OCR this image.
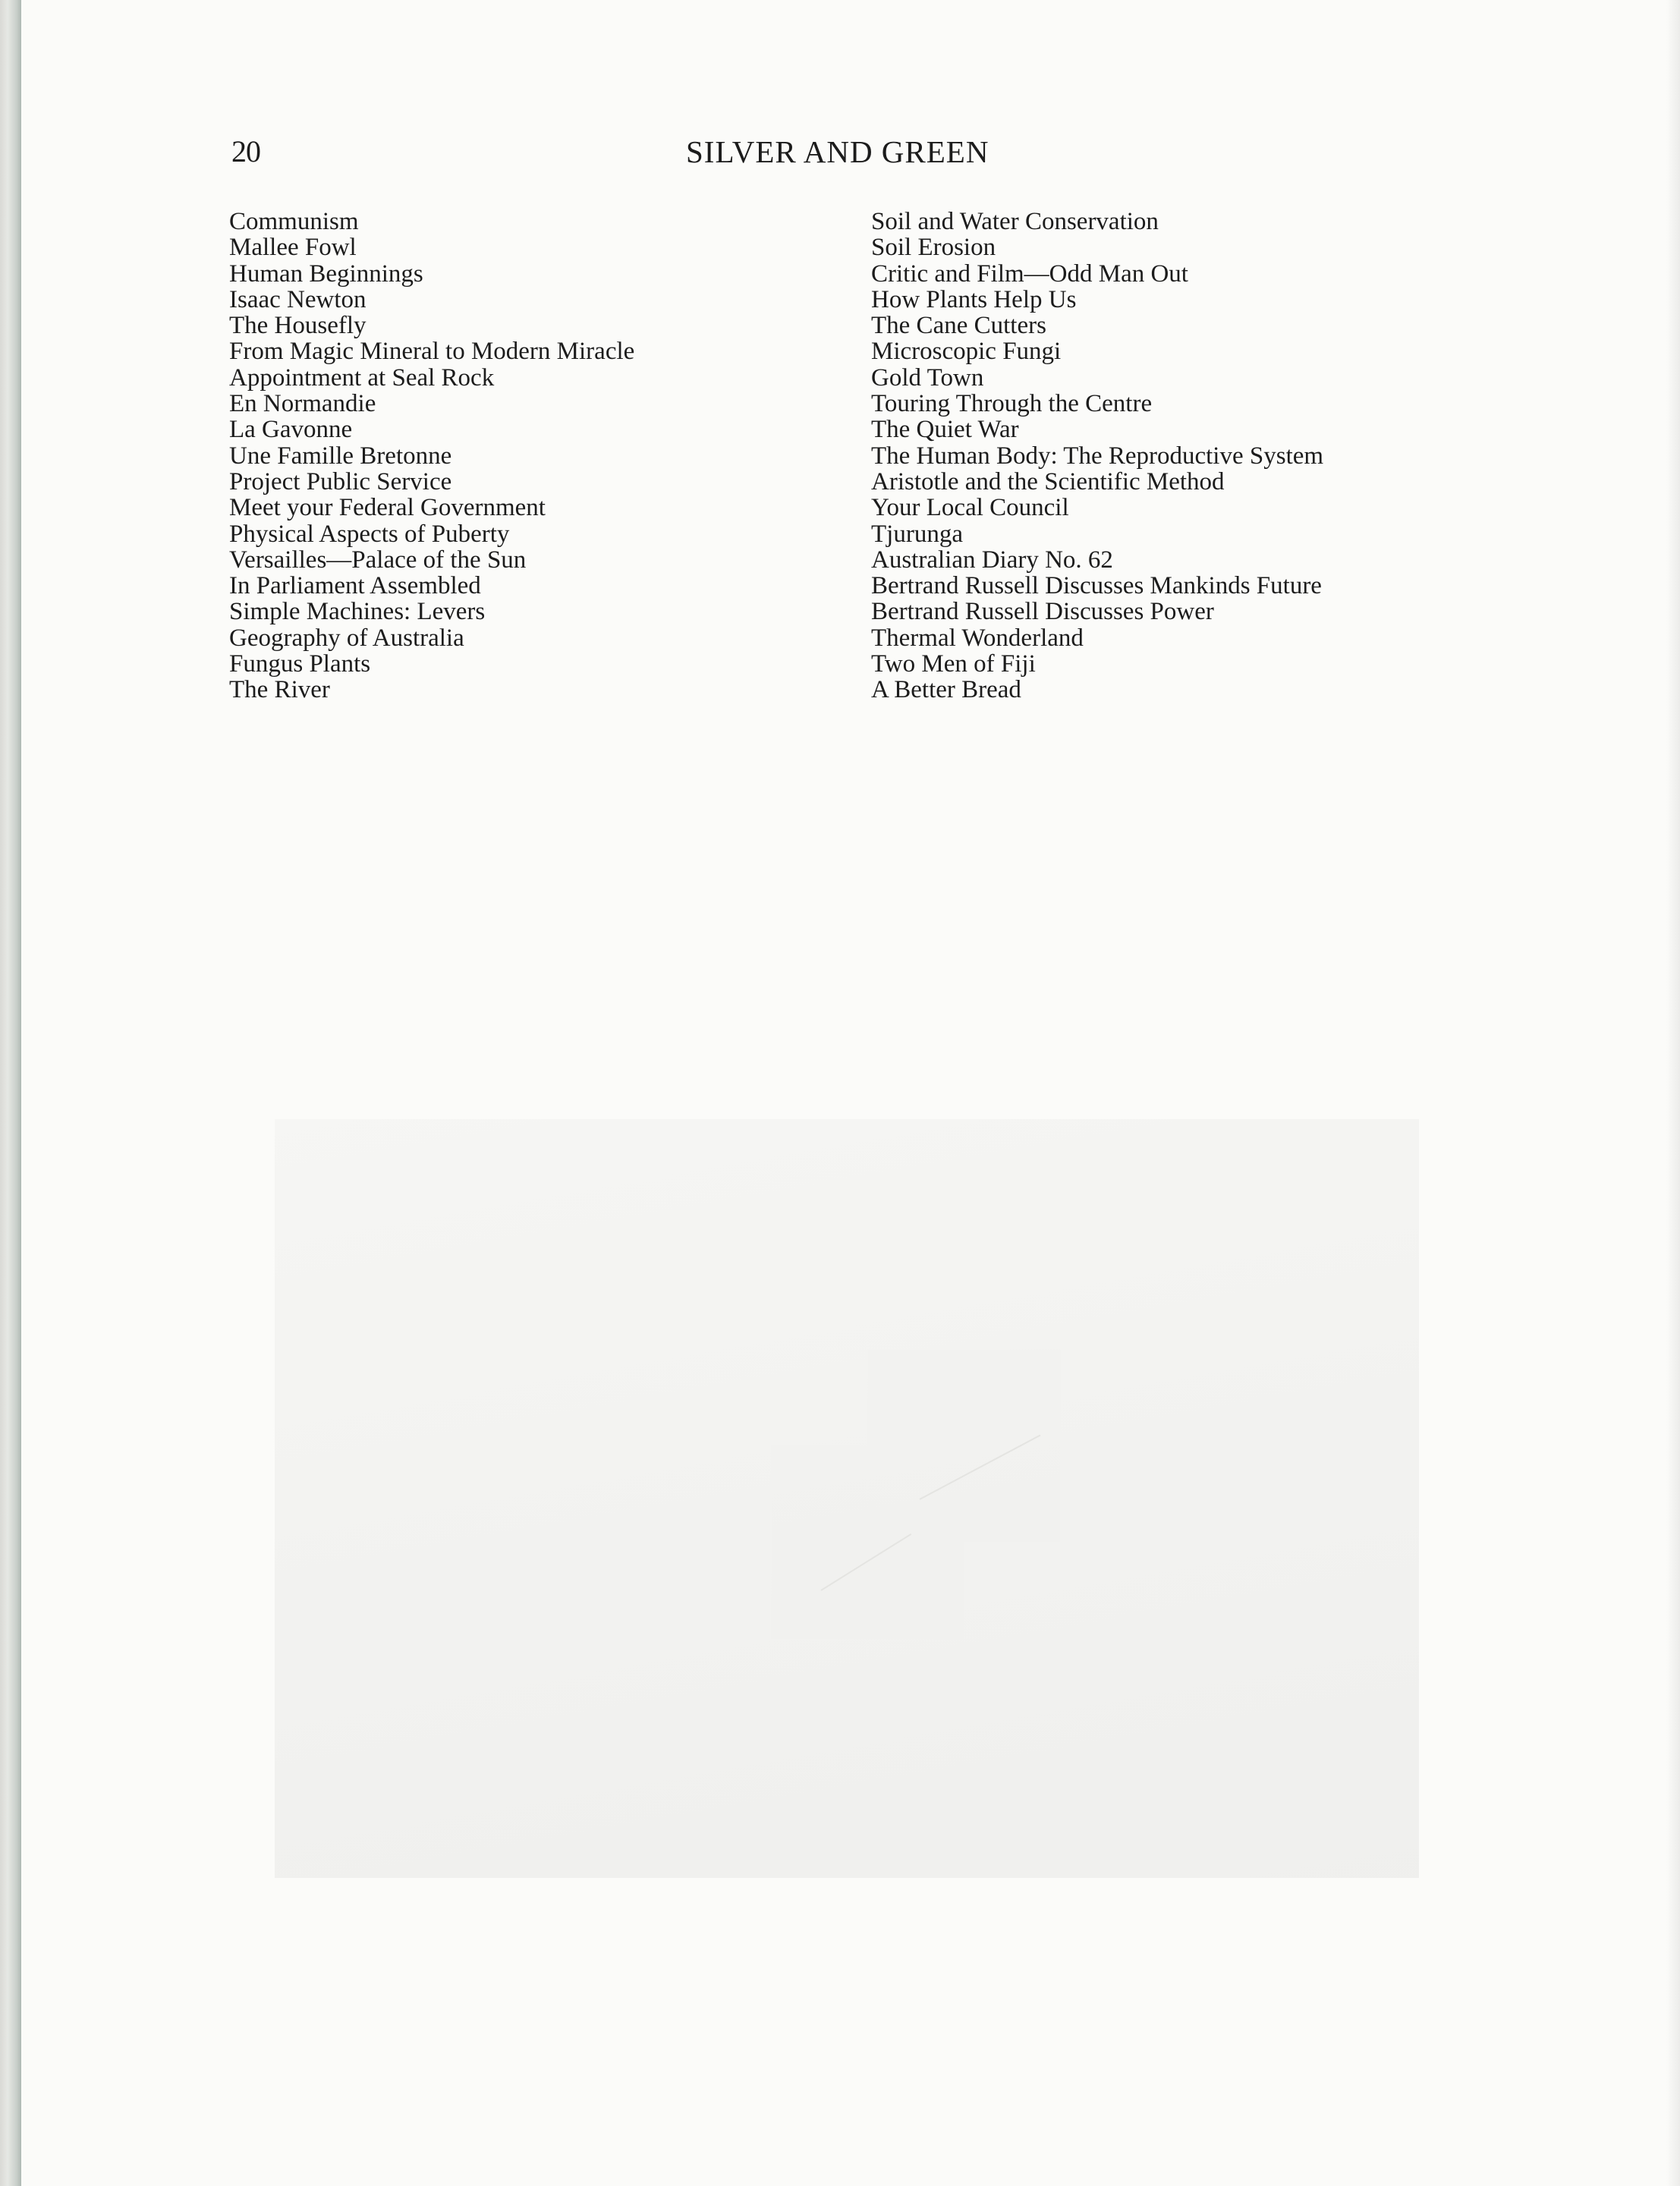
20	SILVER AND GREEN
Communism
Mallee Fowl
Human Beginnings
Isaac Newton
The Housefly
From Magic Mineral to Modern Miracle
Appointment at Seal Rock
En Normandie
La Gavonne
Une Famille Bretonne
Project Public Service
Meet your Federal Government
Physical Aspects of Puberty
Versailles—Palace of the Sun
In Parliament Assembled
Simple Machines: Levers
Geography of Australia
Fungus Plants
The River
Soil and Water Conservation
Soil Erosion
Critic and Film—Odd Man Out
How Plants Help Us
The Cane Cutters
Microscopic Fungi
Gold Town
Touring Through the Centre
The Quiet War
The Human Body: The Reproductive System
Aristotle and the Scientific Method
Your Local Council
Tjurunga
Australian Diary No. 62
Bertrand Russell Discusses Mankinds Future
Bertrand Russell Discusses Power
Thermal Wonderland
Two Men of Fiji
A Better Bread
